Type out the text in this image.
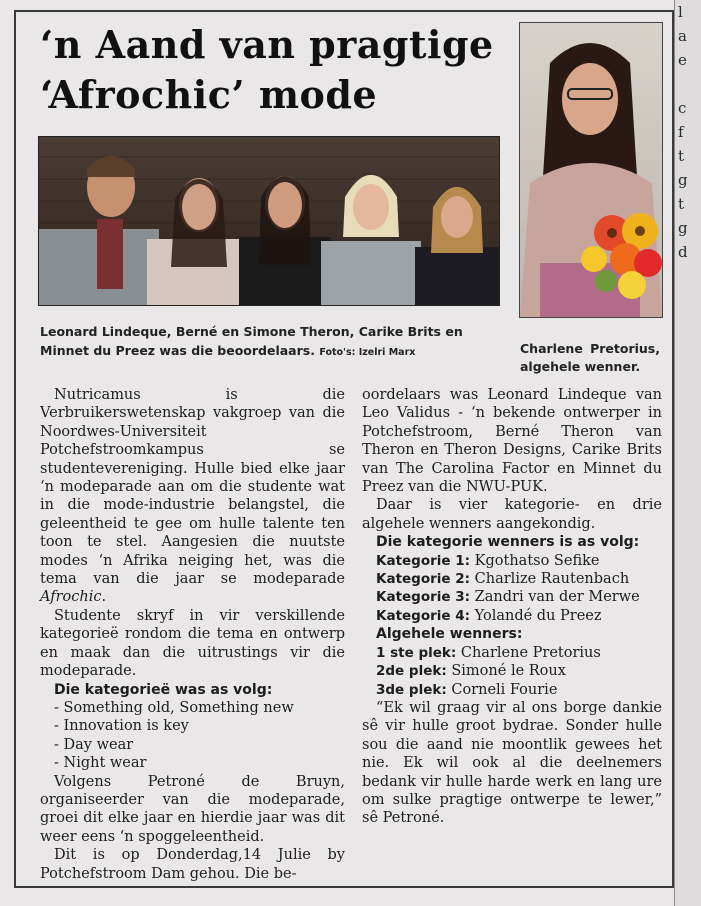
l
a
e
c
f
t
g
t
g
d
‘n Aand van pragtige
‘Afrochic’ mode
Leonard Lindeque, Berné en Simone Theron, Carike Brits en Minnet du Preez was die beoordelaars. Foto's: Izelri Marx	Charlene Pretorius, algehele wenner.

Nutricamus is die Verbruikerswetenskap vakgroep van die Noordwes-Universiteit Potchefstroomkampus se studentevereniging. Hulle bied elke jaar ‘n modeparade aan om die studente wat in die mode-industrie belangstel, die geleentheid te gee om hulle talente ten toon te stel. Aangesien die nuutste modes ‘n Afrika neiging het, was die tema van die jaar se modeparade Afrochic.

Studente skryf in vir verskillende kategorieë rondom die tema en ontwerp en maak dan die uitrustings vir die modeparade.

Die kategorieë was as volg:

- Something old, Something new

- Innovation is key

- Day wear

- Night wear

Volgens Petroné de Bruyn, organiseerder van die modeparade, groei dit elke jaar en hierdie jaar was dit weer eens ‘n spoggeleentheid.

Dit is op Donderdag,14 Julie by Potchefstroom Dam gehou. Die be-

oordelaars was Leonard Lindeque van Leo Validus - ‘n bekende ontwerper in Potchefstroom, Berné Theron van Theron en Theron Designs, Carike Brits van The Carolina Factor en Minnet du Preez van die NWU-PUK.

Daar is vier kategorie- en drie algehele wenners aangekondig.

Die kategorie wenners is as volg:

Kategorie 1: Kgothatso Sefike

Kategorie 2: Charlize Rautenbach

Kategorie 3: Zandri van der Merwe

Kategorie 4: Yolandé du Preez

Algehele wenners:

1 ste plek: Charlene Pretorius

2de plek: Simoné le Roux

3de plek: Corneli Fourie

“Ek wil graag vir al ons borge dankie sê vir hulle groot bydrae. Sonder hulle sou die aand nie moontlik gewees het nie. Ek wil ook al die deelnemers bedank vir hulle harde werk en lang ure om sulke pragtige ontwerpe te lewer,” sê Petroné.
